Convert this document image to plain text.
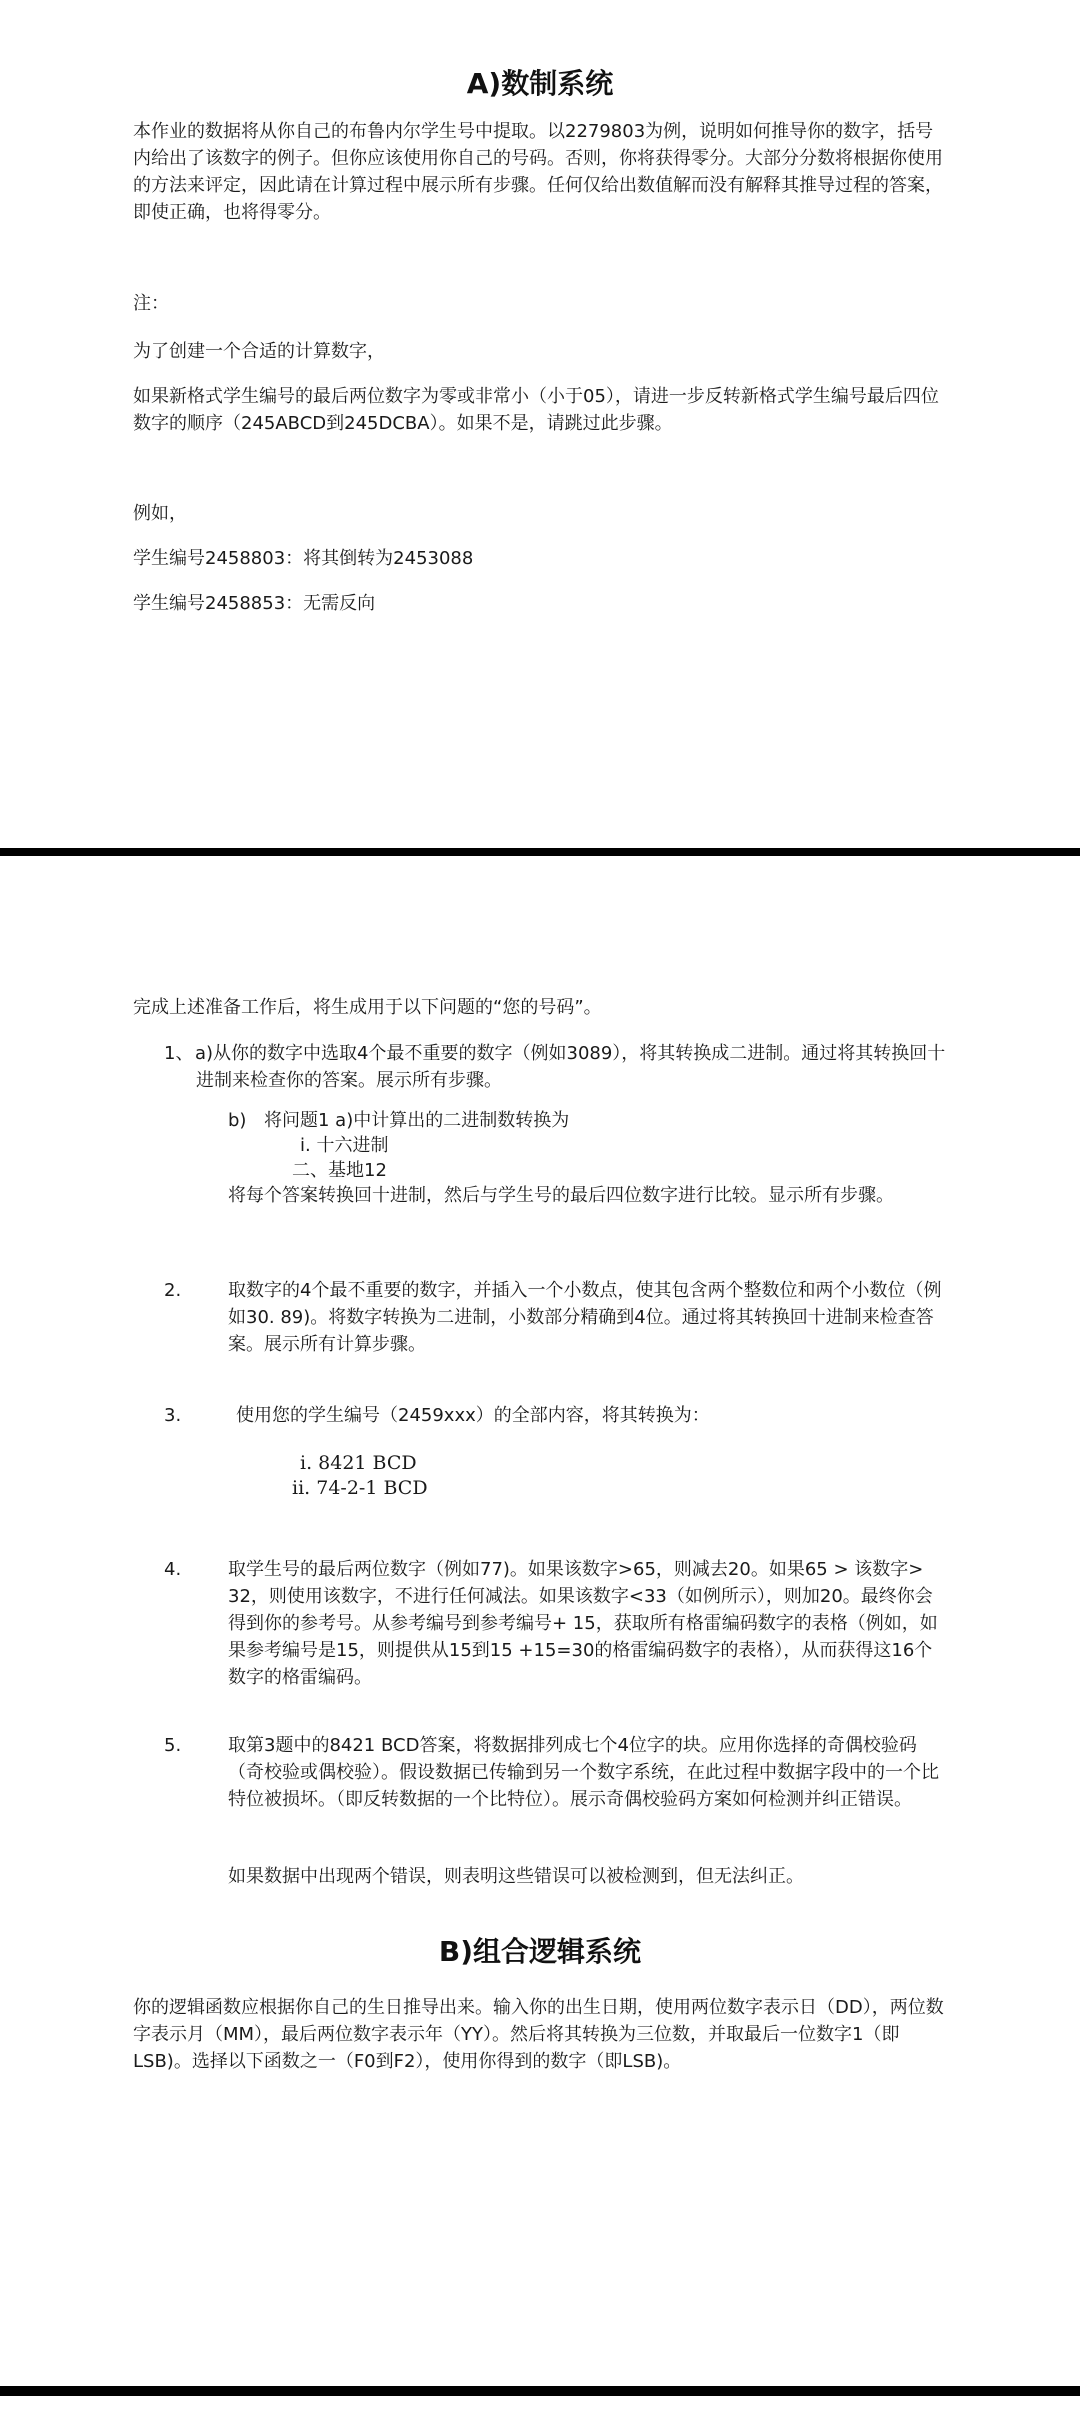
A)数制系统

本作业的数据将从你自己的布鲁内尔学生号中提取。以2279803为例，说明如何推导你的数字，括号内给出了该数字的例子。但你应该使用你自己的号码。否则，你将获得零分。大部分分数将根据你使用的方法来评定，因此请在计算过程中展示所有步骤。任何仅给出数值解而没有解释其推导过程的答案，即使正确，也将得零分。

注：

为了创建一个合适的计算数字，

如果新格式学生编号的最后两位数字为零或非常小（小于05），请进一步反转新格式学生编号最后四位数字的顺序（245ABCD到245DCBA）。如果不是，请跳过此步骤。

例如，

学生编号2458803：将其倒转为2453088

学生编号2458853：无需反向

完成上述准备工作后，将生成用于以下问题的“您的号码”。

1、 a)从你的数字中选取4个最不重要的数字（例如3089），将其转换成二进制。通过将其转换回十进制来检查你的答案。展示所有步骤。

b) 将问题1 a)中计算出的二进制数转换为

i. 十六进制
二、基地12

将每个答案转换回十进制，然后与学生号的最后四位数字进行比较。显示所有步骤。

2.	取数字的4个最不重要的数字，并插入一个小数点，使其包含两个整数位和两个小数位（例如30. 89)。将数字转换为二进制，小数部分精确到4位。通过将其转换回十进制来检查答案。展示所有计算步骤。

3.	使用您的学生编号（2459xxx）的全部内容，将其转换为：

i. 8421 BCD
ii. 74-2-1 BCD
4.	取学生号的最后两位数字（例如77)。如果该数字>65，则减去20。如果65 > 该数字> 32，则使用该数字，不进行任何减法。如果该数字<33（如例所示），则加20。最终你会得到你的参考号。从参考编号到参考编号+ 15，获取所有格雷编码数字的表格（例如，如果参考编号是15，则提供从15到15 +15=30的格雷编码数字的表格），从而获得这16个数字的格雷编码。

5.	取第3题中的8421 BCD答案，将数据排列成七个4位字的块。应用你选择的奇偶校验码（奇校验或偶校验）。假设数据已传输到另一个数字系统，在此过程中数据字段中的一个比特位被损坏。（即反转数据的一个比特位）。展示奇偶校验码方案如何检测并纠正错误。

如果数据中出现两个错误，则表明这些错误可以被检测到，但无法纠正。

B)组合逻辑系统

你的逻辑函数应根据你自己的生日推导出来。输入你的出生日期，使用两位数字表示日（DD），两位数字表示月（MM），最后两位数字表示年（YY）。然后将其转换为三位数，并取最后一位数字1（即LSB)。选择以下函数之一（F0到F2），使用你得到的数字（即LSB)。
